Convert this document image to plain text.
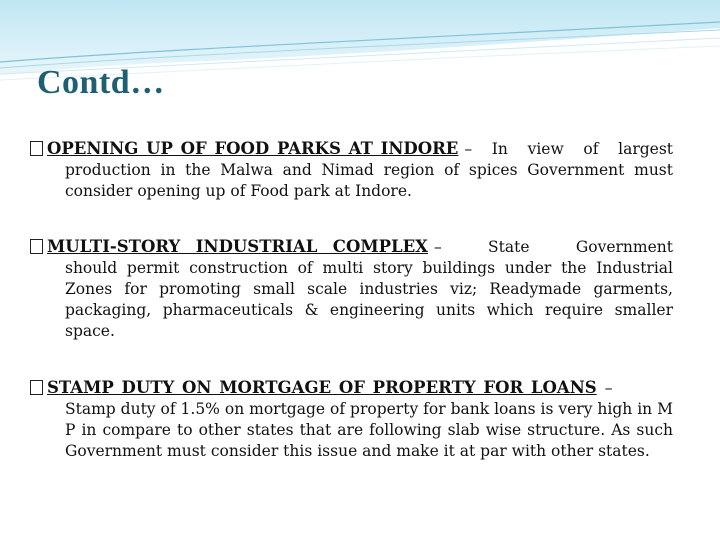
Contd…
OPENING UP OF FOOD PARKS AT INDORE – In view of largest
production in the Malwa and Nimad region of spices Government must consider opening up of Food park at Indore.
MULTI-STORY  INDUSTRIAL  COMPLEX – State Government
should permit construction of multi story buildings under the Industrial Zones for promoting small scale industries viz; Readymade garments, packaging, pharmaceuticals & engineering units which require smaller space.
STAMP DUTY ON MORTGAGE OF PROPERTY FOR LOANS –
Stamp duty of 1.5% on mortgage of property for bank loans is very high in M P in compare to other states that are following slab wise structure. As such Government must consider this issue and make it at par with other states.
